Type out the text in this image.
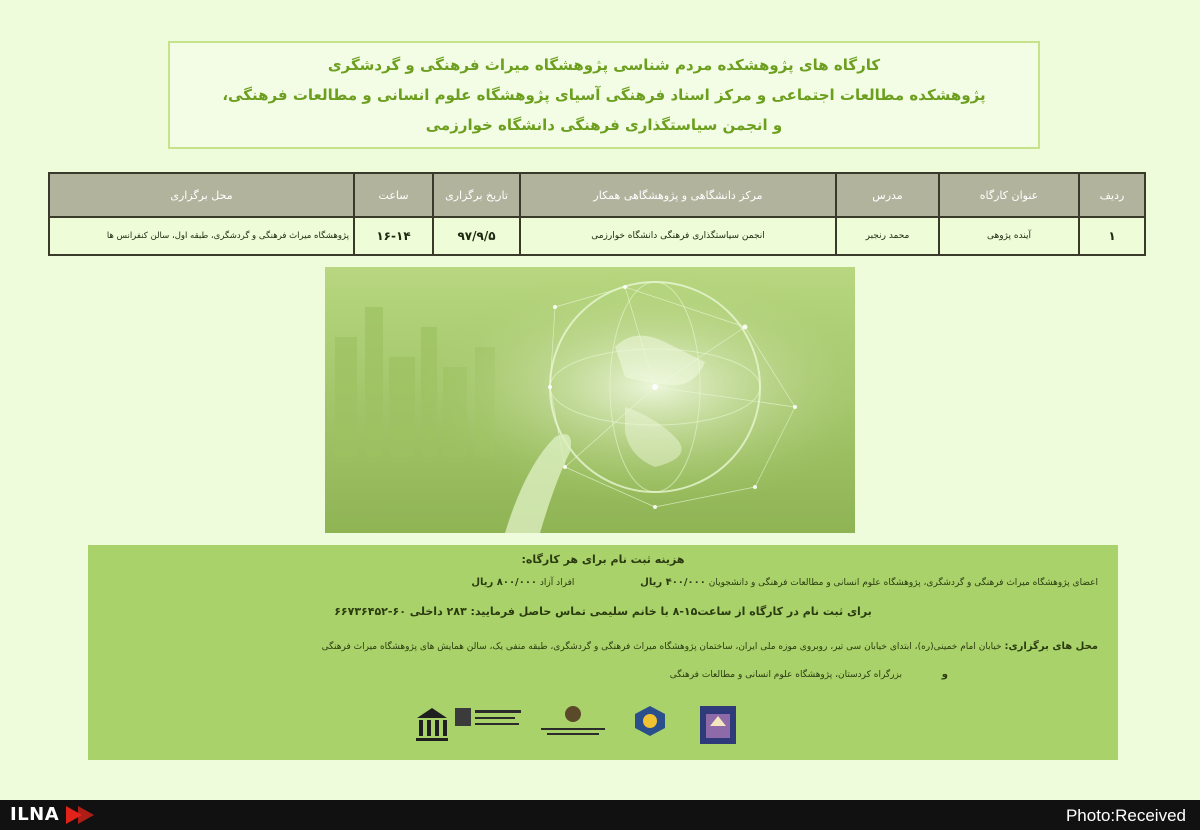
کارگاه های پژوهشکده مردم شناسی پژوهشگاه میراث فرهنگی و گردشگری
پژوهشکده مطالعات اجتماعی و مرکز اسناد فرهنگی آسیای پژوهشگاه علوم انسانی و مطالعات فرهنگی،
و انجمن سیاستگذاری فرهنگی دانشگاه خوارزمی
ردیف	عنوان کارگاه	مدرس	مرکز دانشگاهی و پژوهشگاهی همکار	تاریخ برگزاری	ساعت	محل برگزاری
۱	آینده پژوهی	محمد رنجبر	انجمن سیاستگذاری فرهنگی دانشگاه خوارزمی	۹۷/۹/۵	۱۶-۱۴	پژوهشگاه میراث فرهنگی و گردشگری، طبقه اول، سالن کنفرانس ها
هزینه ثبت نام برای هر کارگاه:
اعضای پژوهشگاه میراث فرهنگی و گردشگری، پژوهشگاه علوم انسانی و مطالعات فرهنگی و دانشجویان ۴۰۰/۰۰۰ ریال  افراد آزاد ۸۰۰/۰۰۰ ریال
برای ثبت نام در کارگاه از ساعت۱۵-۸ با خانم سلیمی تماس حاصل فرمایید: ۲۸۳ داخلی ۶۰-۶۶۷۳۶۴۵۲
محل های برگزاری: خیابان امام خمینی(ره)، ابتدای خیابان سی تیر، روبروی موزه ملی ایران، ساختمان پژوهشگاه میراث فرهنگی و گردشگری، طبقه منفی یک، سالن همایش های پژوهشگاه میراث فرهنگی
و  بزرگراه کردستان، پژوهشگاه علوم انسانی و مطالعات فرهنگی
ILNA	Photo:Received
